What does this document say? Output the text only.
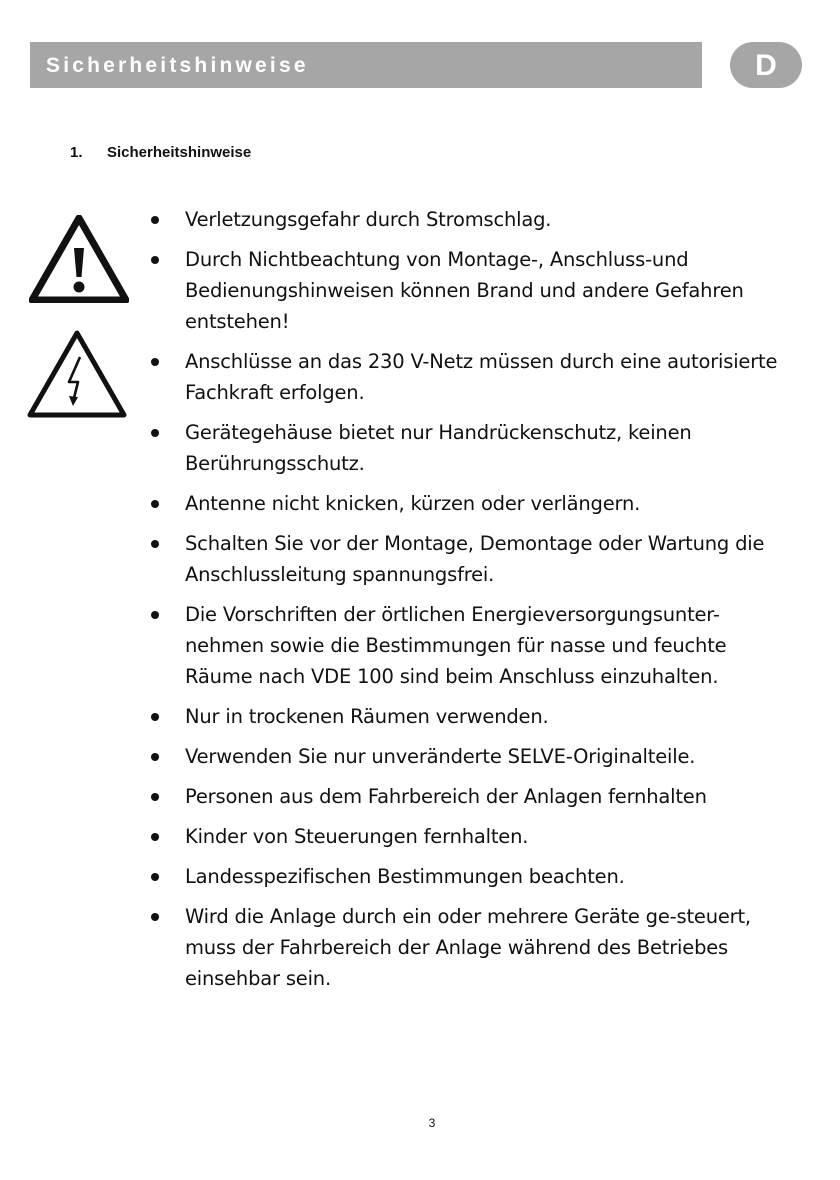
Sicherheitshinweise	D
1. Sicherheitshinweise
Verletzungsgefahr durch Stromschlag.
Durch Nichtbeachtung von Montage-, Anschluss-und Bedienungshinweisen können Brand und andere Gefahren entstehen!
Anschlüsse an das 230 V-Netz müssen durch eine autorisierte Fachkraft erfolgen.
Gerätegehäuse bietet nur Handrückenschutz, keinen Berührungsschutz.
Antenne nicht knicken, kürzen oder verlängern.
Schalten Sie vor der Montage, Demontage oder Wartung die Anschlussleitung spannungsfrei.
Die Vorschriften der örtlichen Energieversorgungsunter-nehmen sowie die Bestimmungen für nasse und feuchte Räume nach VDE 100 sind beim Anschluss einzuhalten.
Nur in trockenen Räumen verwenden.
Verwenden Sie nur unveränderte SELVE-Originalteile.
Personen aus dem Fahrbereich der Anlagen fernhalten
Kinder von Steuerungen fernhalten.
Landesspezifischen Bestimmungen beachten.
Wird die Anlage durch ein oder mehrere Geräte ge-steuert, muss der Fahrbereich der Anlage während des Betriebes einsehbar sein.
3
